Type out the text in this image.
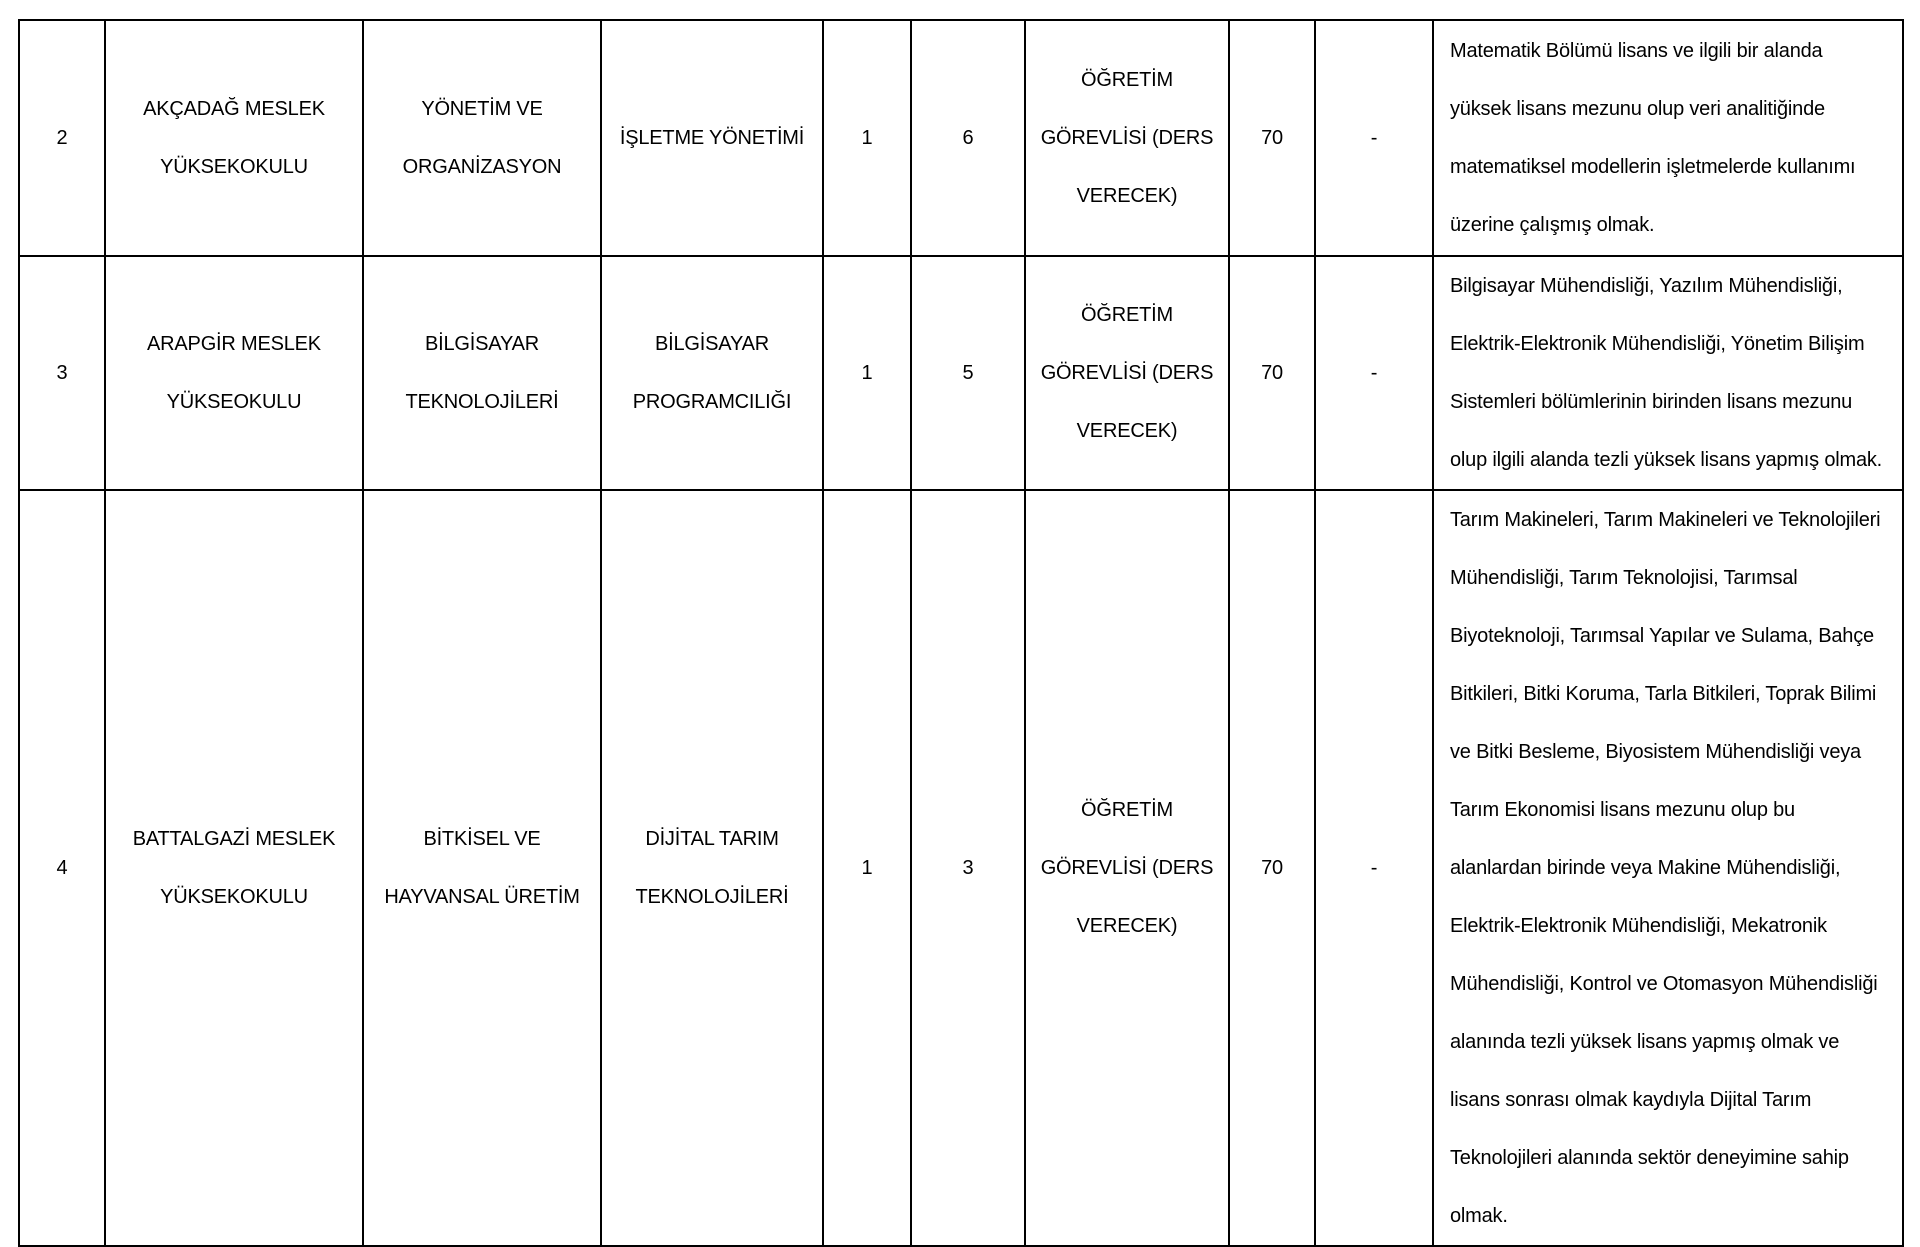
2	AKÇADAĞ MESLEK YÜKSEKOKULU	YÖNETİM VE ORGANİZASYON	İŞLETME YÖNETİMİ	1	6	ÖĞRETİM GÖREVLİSİ (DERS VERECEK)	70	-	Matematik Bölümü lisans ve ilgili bir alanda yüksek lisans mezunu olup veri analitiğinde matematiksel modellerin işletmelerde kullanımı üzerine çalışmış olmak.
3	ARAPGİR MESLEK YÜKSEOKULU	BİLGİSAYAR TEKNOLOJİLERİ	BİLGİSAYAR PROGRAMCILIĞI	1	5	ÖĞRETİM GÖREVLİSİ (DERS VERECEK)	70	-	Bilgisayar Mühendisliği, Yazılım Mühendisliği, Elektrik-Elektronik Mühendisliği, Yönetim Bilişim Sistemleri bölümlerinin birinden lisans mezunu olup ilgili alanda tezli yüksek lisans yapmış olmak.
4	BATTALGAZİ MESLEK YÜKSEKOKULU	BİTKİSEL VE HAYVANSAL ÜRETİM	DİJİTAL TARIM TEKNOLOJİLERİ	1	3	ÖĞRETİM GÖREVLİSİ (DERS VERECEK)	70	-	Tarım Makineleri, Tarım Makineleri ve Teknolojileri Mühendisliği, Tarım Teknolojisi, Tarımsal Biyoteknoloji, Tarımsal Yapılar ve Sulama, Bahçe Bitkileri, Bitki Koruma, Tarla Bitkileri, Toprak Bilimi ve Bitki Besleme, Biyosistem Mühendisliği veya Tarım Ekonomisi lisans mezunu olup bu alanlardan birinde veya Makine Mühendisliği, Elektrik-Elektronik Mühendisliği, Mekatronik Mühendisliği, Kontrol ve Otomasyon Mühendisliği alanında tezli yüksek lisans yapmış olmak ve lisans sonrası olmak kaydıyla Dijital Tarım Teknolojileri alanında sektör deneyimine sahip olmak.
